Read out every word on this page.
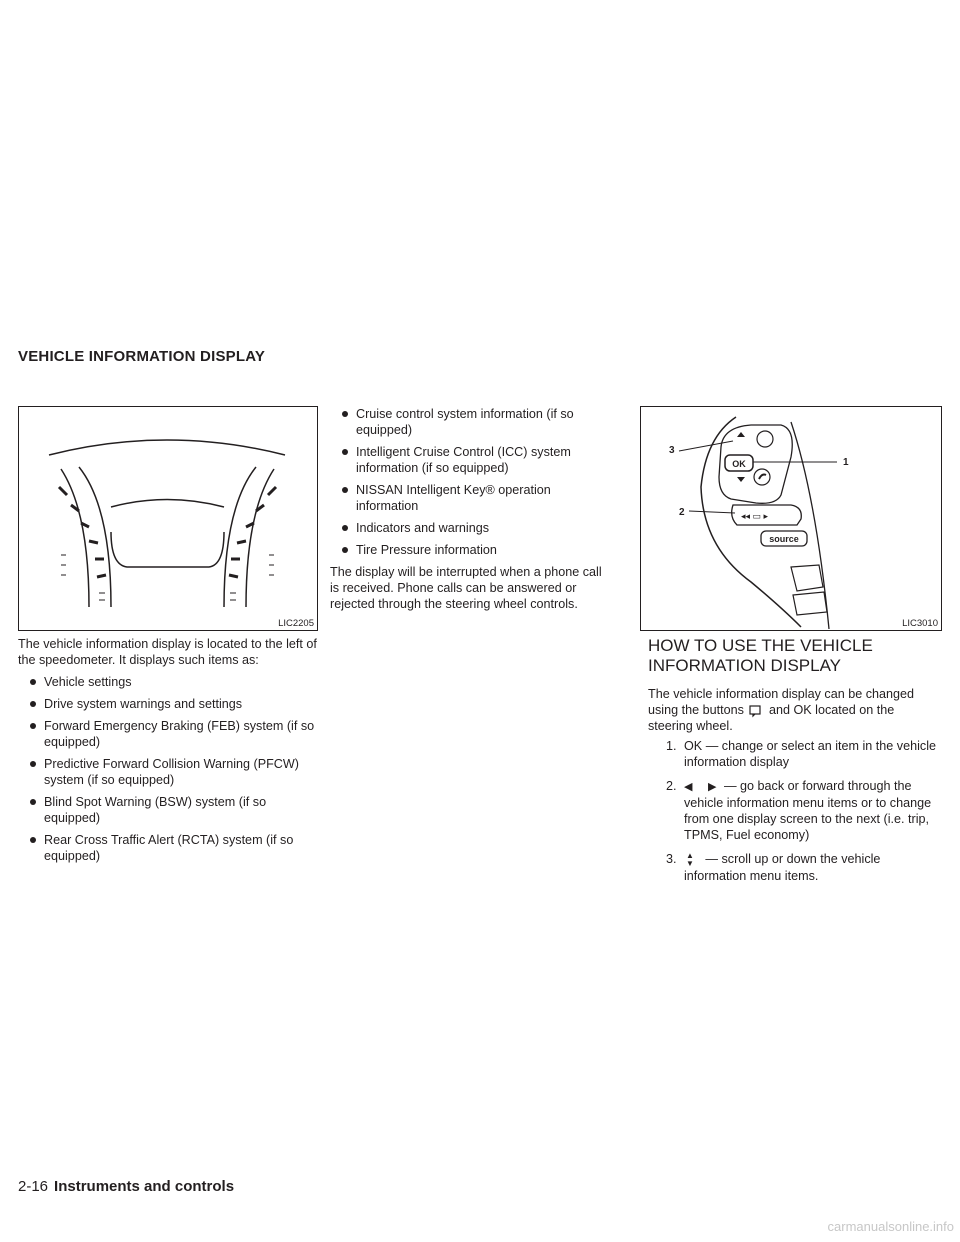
VEHICLE INFORMATION DISPLAY
LIC2205
OK
◂◂ ▭ ▸
source
3
1
2
LIC3010

The vehicle information display is located to the left of the speedometer. It displays such items as:

Vehicle settings
Drive system warnings and settings
Forward Emergency Braking (FEB) system (if so equipped)
Predictive Forward Collision Warning (PFCW) system (if so equipped)
Blind Spot Warning (BSW) system (if so equipped)
Rear Cross Traffic Alert (RCTA) system (if so equipped)
Cruise control system information (if so equipped)
Intelligent Cruise Control (ICC) system information (if so equipped)
NISSAN Intelligent Key® operation information
Indicators and warnings
Tire Pressure information

The display will be interrupted when a phone call is received. Phone calls can be answered or rejected through the steering wheel controls.

HOW TO USE THE VEHICLE INFORMATION DISPLAY

The vehicle information display can be changed using the buttons and OK located on the steering wheel.

1. OK — change or select an item in the vehicle information display
2. ◀ ▶ — go back or forward through the vehicle information menu items or to change from one display screen to the next (i.e. trip, TPMS, Fuel economy)
3. ▲
▼ — scroll up or down the vehicle information menu items.
2-16 Instruments and controls
carmanualsonline.info
